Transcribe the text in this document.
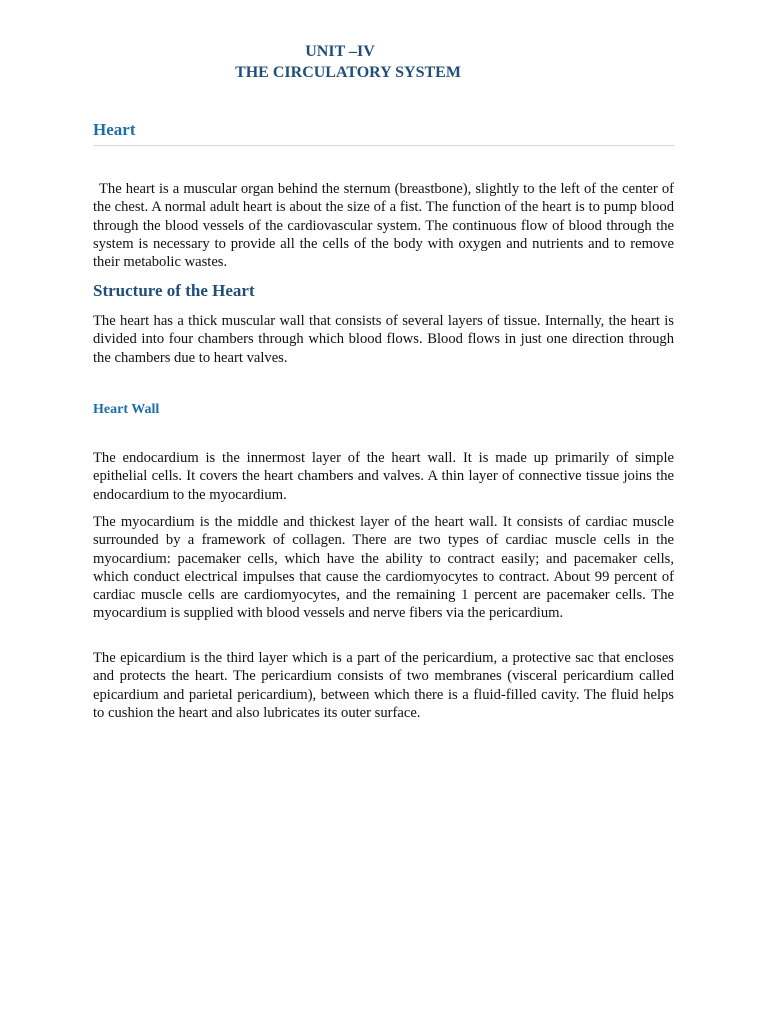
UNIT –IV
THE CIRCULATORY SYSTEM
Heart

The heart is a muscular organ behind the sternum (breastbone), slightly to the left of the center of the chest. A normal adult heart is about the size of a fist. The function of the heart is to pump blood through the blood vessels of the cardiovascular system. The continuous flow of blood through the system is necessary to provide all the cells of the body with oxygen and nutrients and to remove their metabolic wastes.

Structure of the Heart

The heart has a thick muscular wall that consists of several layers of tissue. Internally, the heart is divided into four chambers through which blood flows. Blood flows in just one direction through the chambers due to heart valves.

Heart Wall

The endocardium is the innermost layer of the heart wall. It is made up primarily of simple epithelial cells. It covers the heart chambers and valves. A thin layer of connective tissue joins the endocardium to the myocardium.

The myocardium is the middle and thickest layer of the heart wall. It consists of cardiac muscle surrounded by a framework of collagen. There are two types of cardiac muscle cells in the myocardium: pacemaker cells, which have the ability to contract easily; and pacemaker cells, which conduct electrical impulses that cause the cardiomyocytes to contract. About 99 percent of cardiac muscle cells are cardiomyocytes, and the remaining 1 percent are pacemaker cells. The myocardium is supplied with blood vessels and nerve fibers via the pericardium.

The epicardium is the third layer which is a part of the pericardium, a protective sac that encloses and protects the heart. The pericardium consists of two membranes (visceral pericardium called epicardium and parietal pericardium), between which there is a fluid-filled cavity. The fluid helps to cushion the heart and also lubricates its outer surface.
